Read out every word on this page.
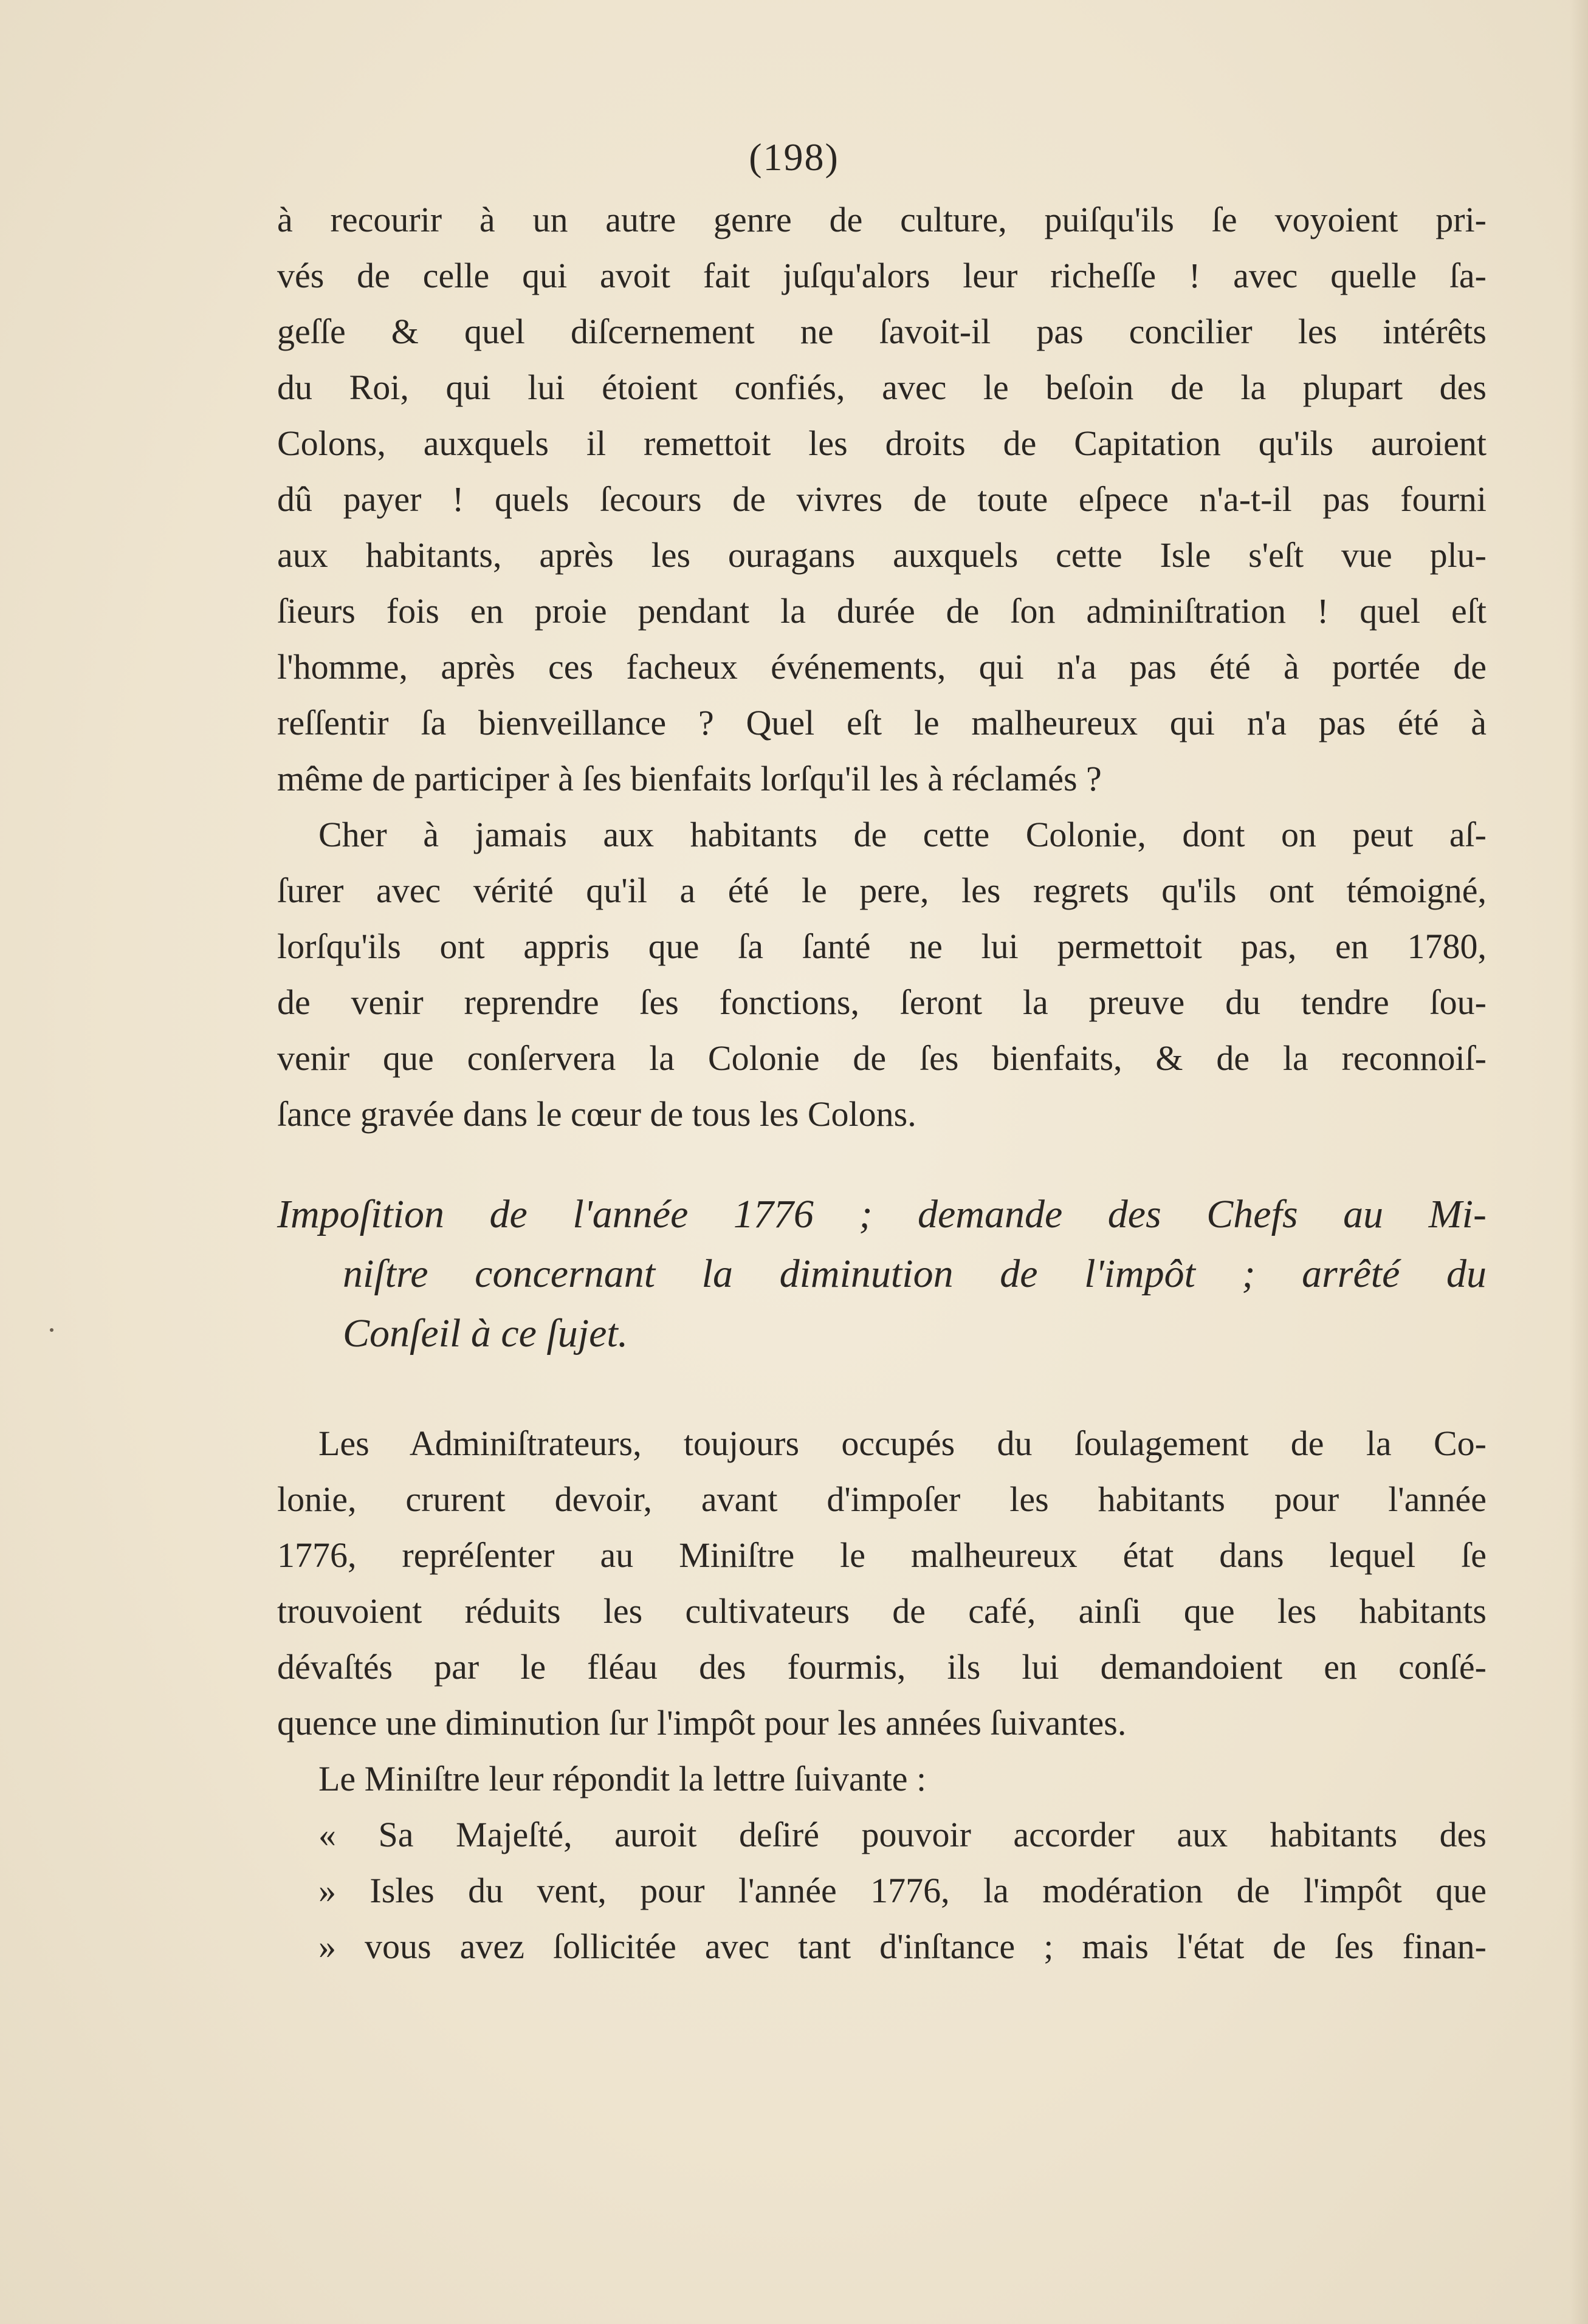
(198)
à recourir à un autre genre de culture, puiſqu'ils ſe voyoient pri-
vés de celle qui avoit fait juſqu'alors leur richeſſe ! avec quelle ſa-
geſſe & quel diſcernement ne ſavoit-il pas concilier les intérêts
du Roi, qui lui étoient confiés, avec le beſoin de la plupart des
Colons, auxquels il remettoit les droits de Capitation qu'ils auroient
dû payer ! quels ſecours de vivres de toute eſpece n'a-t-il pas fourni
aux habitants, après les ouragans auxquels cette Isle s'eſt vue plu-
ſieurs fois en proie pendant la durée de ſon adminiſtration ! quel eſt
l'homme, après ces facheux événements, qui n'a pas été à portée de
reſſentir ſa bienveillance ? Quel eſt le malheureux qui n'a pas été à
même de participer à ſes bienfaits lorſqu'il les à réclamés ?
Cher à jamais aux habitants de cette Colonie, dont on peut aſ-
ſurer avec vérité qu'il a été le pere, les regrets qu'ils ont témoigné,
lorſqu'ils ont appris que ſa ſanté ne lui permettoit pas, en 1780,
de venir reprendre ſes fonctions, ſeront la preuve du tendre ſou-
venir que conſervera la Colonie de ſes bienfaits, & de la reconnoiſ-
ſance gravée dans le cœur de tous les Colons.
Impoſition de l'année 1776 ; demande des Chefs au Mi-
niſtre concernant la diminution de l'impôt ; arrêté du
Conſeil à ce ſujet.
Les Adminiſtrateurs, toujours occupés du ſoulagement de la Co-
lonie, crurent devoir, avant d'impoſer les habitants pour l'année
1776, repréſenter au Miniſtre le malheureux état dans lequel ſe
trouvoient réduits les cultivateurs de café, ainſi que les habitants
dévaſtés par le fléau des fourmis, ils lui demandoient en conſé-
quence une diminution ſur l'impôt pour les années ſuivantes.
Le Miniſtre leur répondit la lettre ſuivante :
« Sa Majeſté, auroit deſiré pouvoir accorder aux habitants des
» Isles du vent, pour l'année 1776, la modération de l'impôt que
» vous avez ſollicitée avec tant d'inſtance ; mais l'état de ſes finan-
